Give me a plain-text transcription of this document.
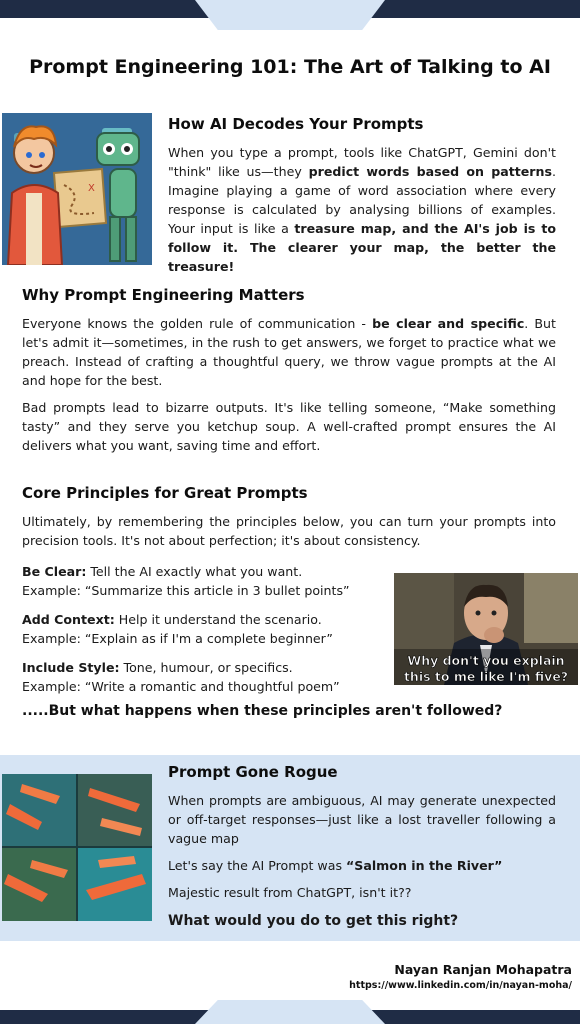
Prompt Engineering 101: The Art of Talking to AI
X
How AI Decodes Your Prompts

When you type a prompt, tools like ChatGPT, Gemini don't "think" like us—they predict words based on patterns. Imagine playing a game of word association where every response is calculated by analysing billions of examples. Your input is like a treasure map, and the AI's job is to follow it. The clearer your map, the better the treasure!

Why Prompt Engineering Matters

Everyone knows the golden rule of communication - be clear and specific. But let's admit it—sometimes, in the rush to get answers, we forget to practice what we preach. Instead of crafting a thoughtful query, we throw vague prompts at the AI and hope for the best.

Bad prompts lead to bizarre outputs. It's like telling someone, “Make something tasty” and they serve you ketchup soup. A well-crafted prompt ensures the AI delivers what you want, saving time and effort.

Core Principles for Great Prompts

Ultimately, by remembering the principles below, you can turn your prompts into precision tools. It's not about perfection; it's about consistency.

Be Clear: Tell the AI exactly what you want.
Example: “Summarize this article in 3 bullet points”
Add Context: Help it understand the scenario.
Example: “Explain as if I'm a complete beginner”
Include Style: Tone, humour, or specifics.
Example: “Write a romantic and thoughtful poem”
Why don't you explain
this to me like I'm five?
.....But what happens when these principles aren't followed?
Prompt Gone Rogue

When prompts are ambiguous, AI may generate unexpected or off-target responses—just like a lost traveller following a vague map

Let's say the AI Prompt was “Salmon in the River”

Majestic result from ChatGPT, isn't it??

What would you do to get this right?

Nayan Ranjan Mohapatra
https://www.linkedin.com/in/nayan-moha/
